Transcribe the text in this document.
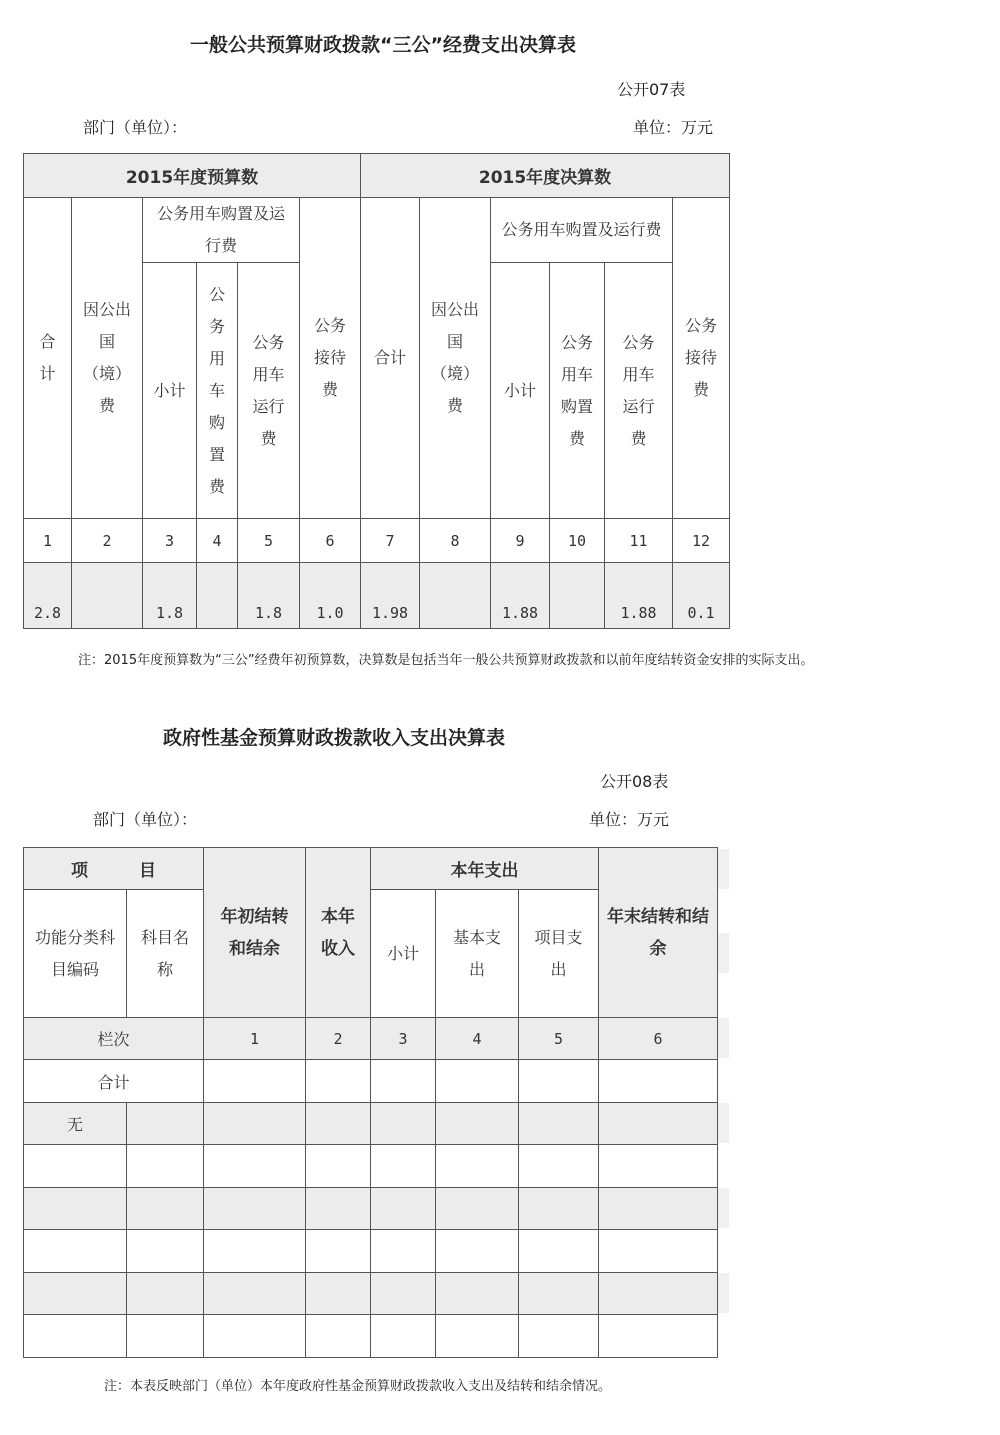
一般公共预算财政拨款“三公”经费支出决算表
公开07表
部门（单位）：	单位：万元
2015年度预算数						2015年度决算数					

合计	因公出国（境）费	公务用车购置及运行费			公务接待费	合计	因公出国（境）费	公务用车购置及运行费			公务接待费

		小计	公务用车购置费	公务用车运行费				小计	公务用车购置费	公务用车运行费	

1	2	3	4	5	6	7	8	9	10	11	12
2.8		1.8		1.8	1.0	1.98		1.88		1.88	0.1
注：2015年度预算数为“三公”经费年初预算数，决算数是包括当年一般公共预算财政拨款和以前年度结转资金安排的实际支出。
政府性基金预算财政拨款收入支出决算表
公开08表
部门（单位）：	单位：万元
项　　　目		年初结转和结余	本年收入	本年支出			年末结转和结余

功能分类科目编码	科目名称			小计	基本支出	项目支出	

栏次		1	2	3	4	5	6
合计							
无							

注：本表反映部门（单位）本年度政府性基金预算财政拨款收入支出及结转和结余情况。
